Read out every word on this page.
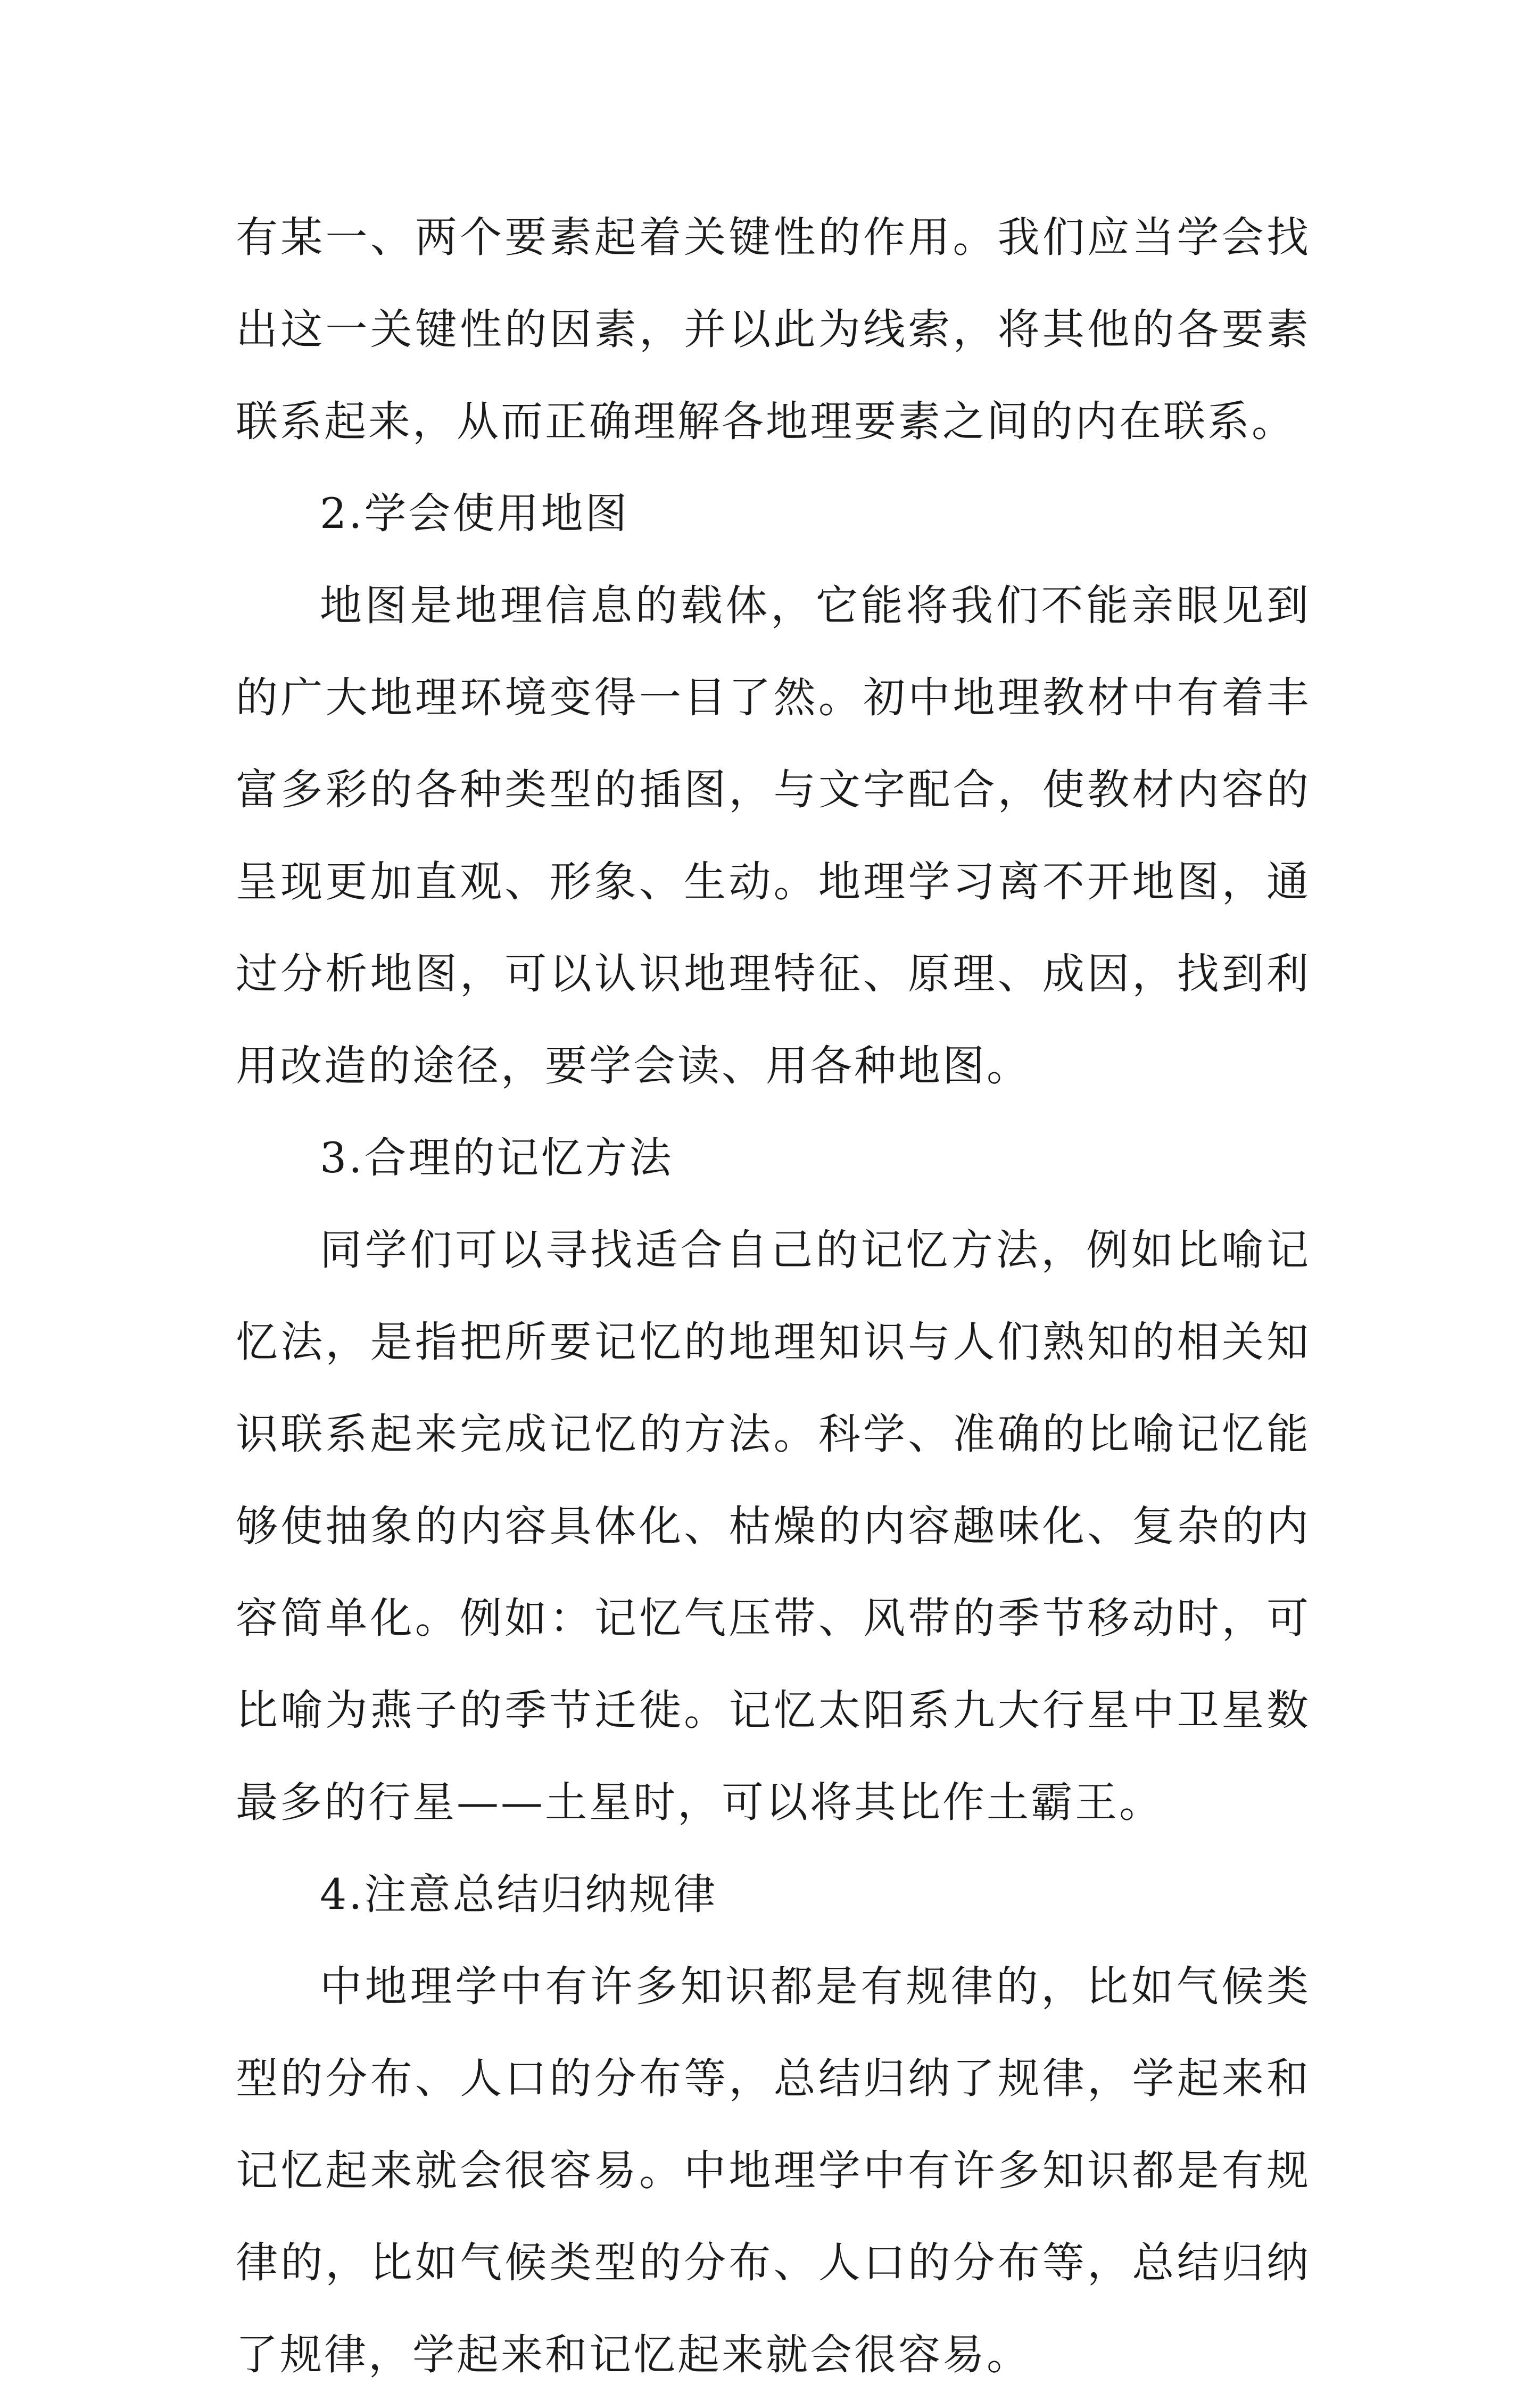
有某一、两个要素起着关键性的作用。我们应当学会找出这一关键性的因素，并以此为线索，将其他的各要素联系起来，从而正确理解各地理要素之间的内在联系。

2.学会使用地图

地图是地理信息的载体，它能将我们不能亲眼见到的广大地理环境变得一目了然。初中地理教材中有着丰富多彩的各种类型的插图，与文字配合，使教材内容的呈现更加直观、形象、生动。地理学习离不开地图，通过分析地图，可以认识地理特征、原理、成因，找到利用改造的途径，要学会读、用各种地图。

3.合理的记忆方法

同学们可以寻找适合自己的记忆方法，例如比喻记忆法，是指把所要记忆的地理知识与人们熟知的相关知识联系起来完成记忆的方法。科学、准确的比喻记忆能够使抽象的内容具体化、枯燥的内容趣味化、复杂的内容简单化。例如：记忆气压带、风带的季节移动时，可比喻为燕子的季节迁徙。记忆太阳系九大行星中卫星数最多的行星——土星时，可以将其比作土霸王。

4.注意总结归纳规律

中地理学中有许多知识都是有规律的，比如气候类型的分布、人口的分布等，总结归纳了规律，学起来和记忆起来就会很容易。中地理学中有许多知识都是有规律的，比如气候类型的分布、人口的分布等，总结归纳了规律，学起来和记忆起来就会很容易。
